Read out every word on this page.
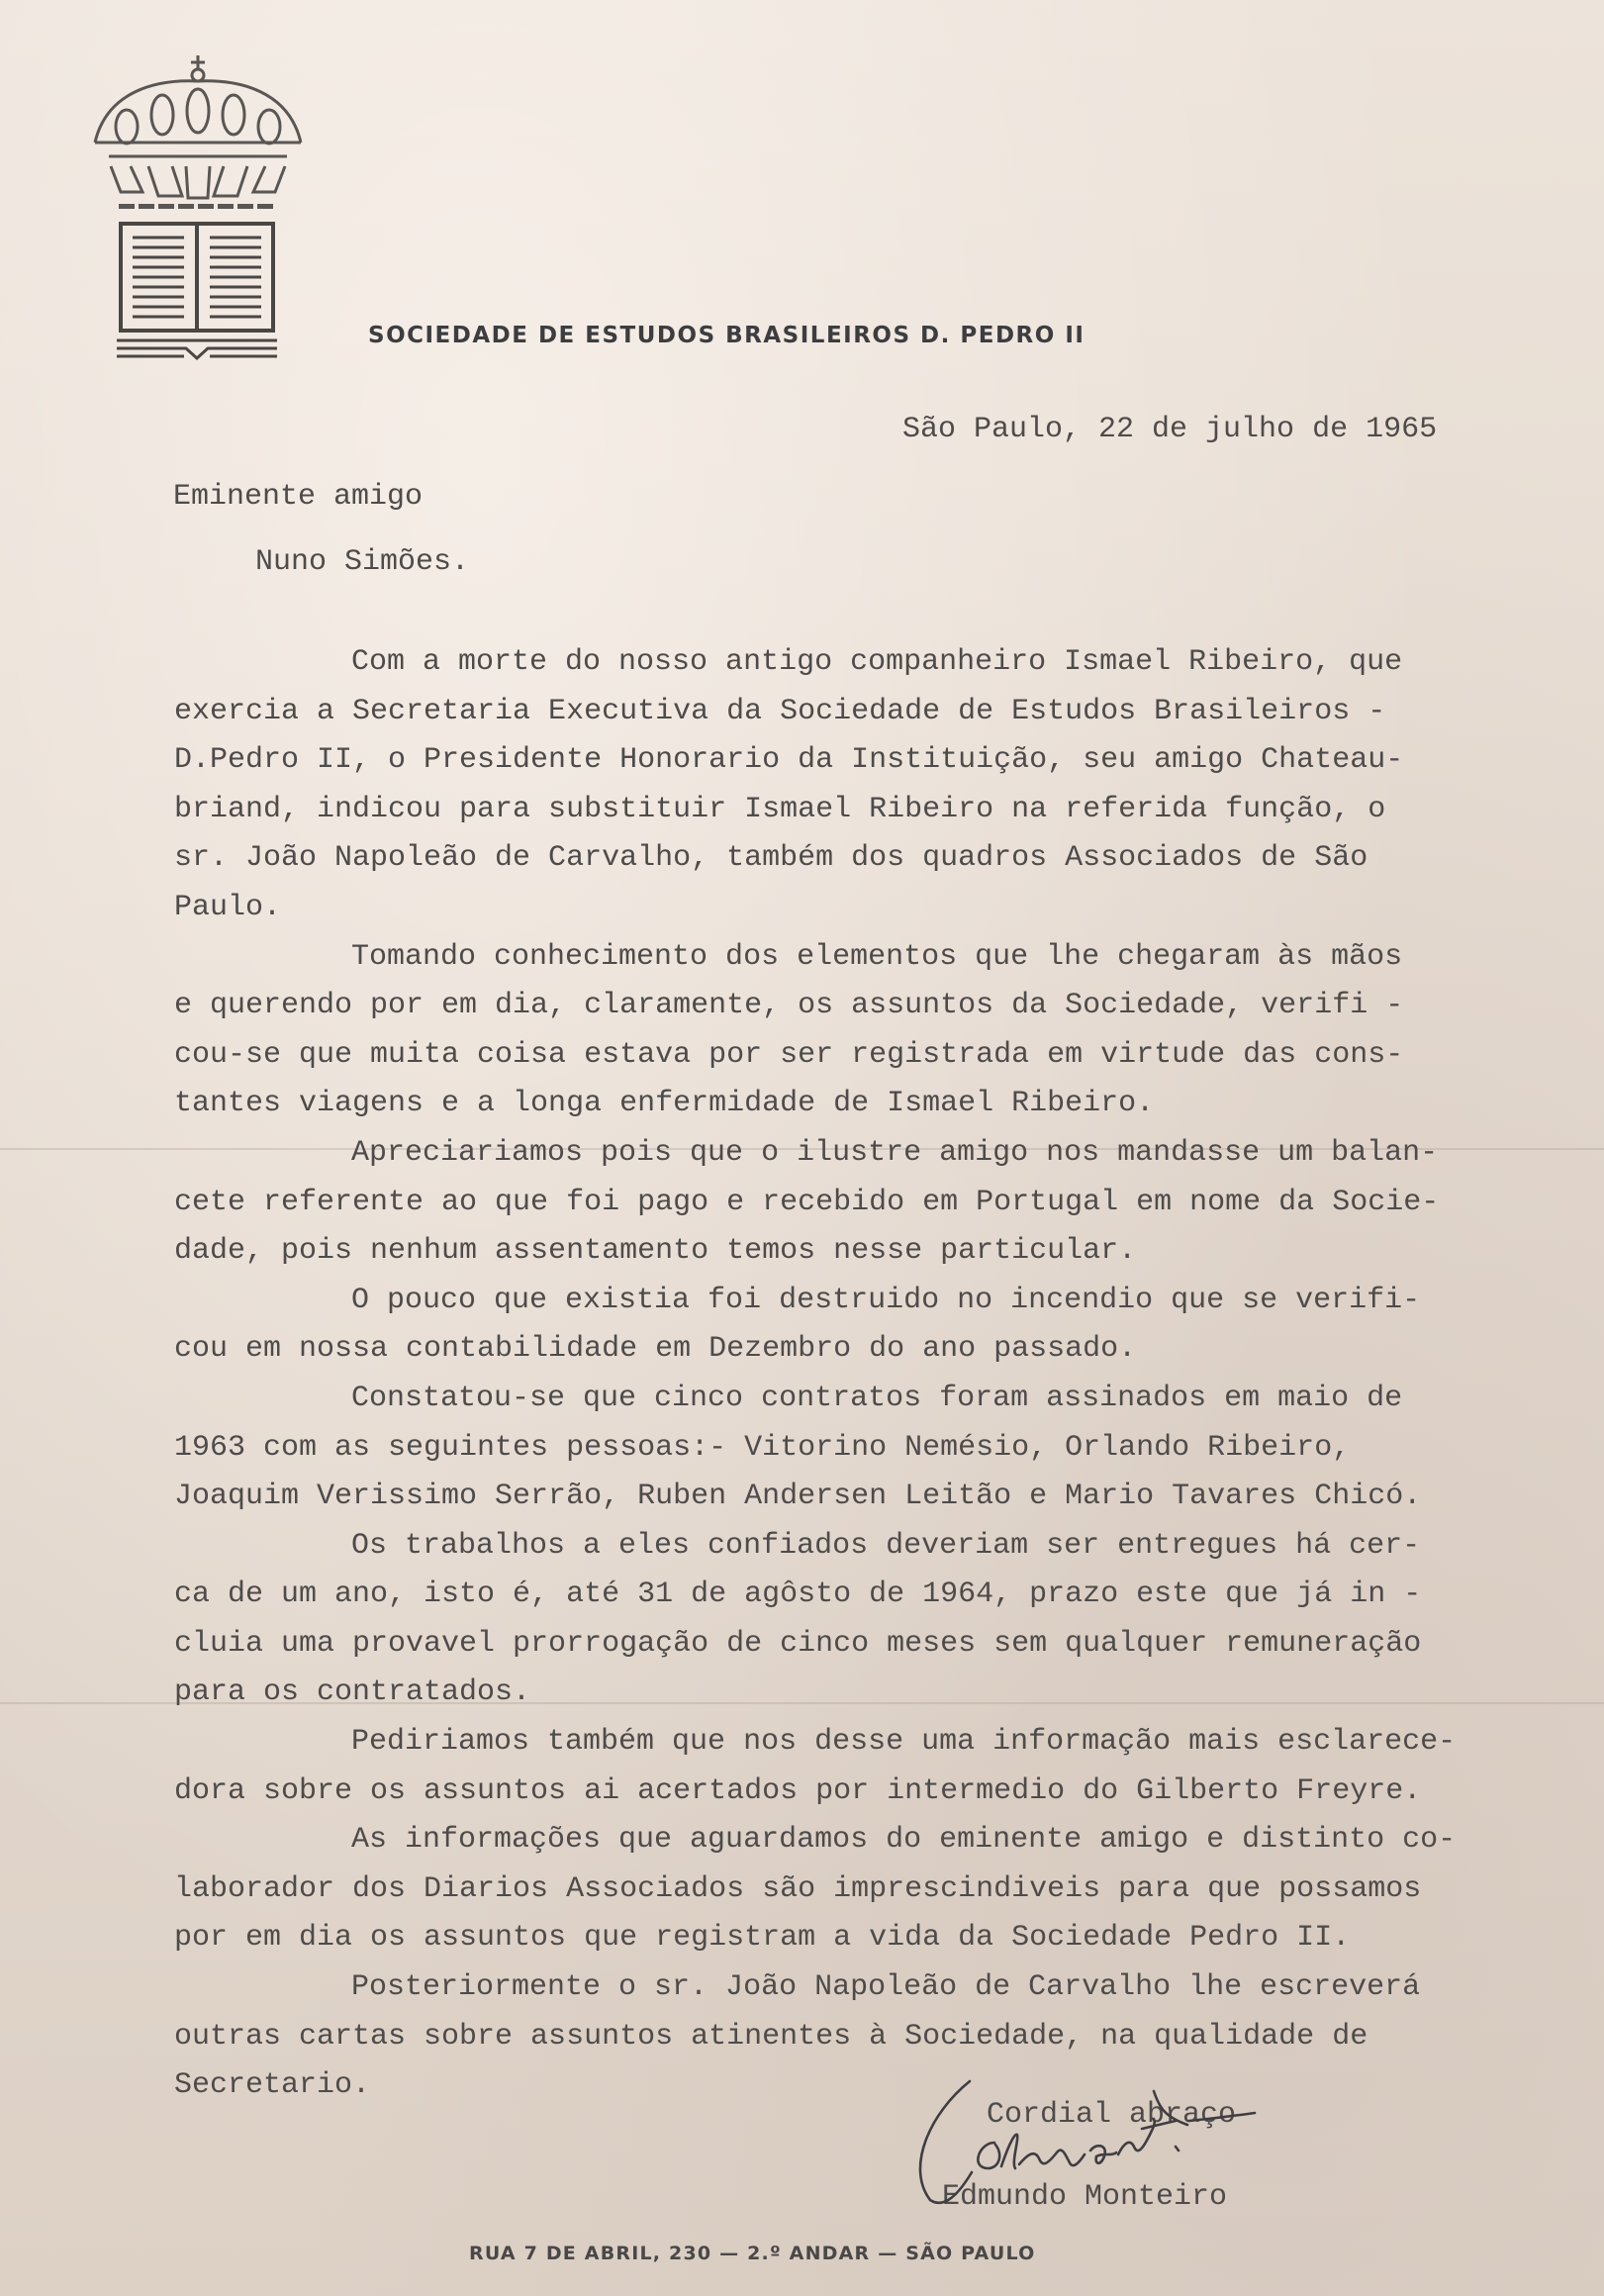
SOCIEDADE DE ESTUDOS BRASILEIROS D. PEDRO II
São Paulo, 22 de julho de 1965
Eminente amigo
Nuno Simões.
Com a morte do nosso antigo companheiro Ismael Ribeiro, que
exercia a Secretaria Executiva da Sociedade de Estudos Brasileiros -
D.Pedro II, o Presidente Honorario da Instituição, seu amigo Chateau-
briand, indicou para substituir Ismael Ribeiro na referida função, o
sr. João Napoleão de Carvalho, também dos quadros Associados de São
Paulo.
Tomando conhecimento dos elementos que lhe chegaram às mãos
e querendo por em dia, claramente, os assuntos da Sociedade, verifi -
cou-se que muita coisa estava por ser registrada em virtude das cons-
tantes viagens e a longa enfermidade de Ismael Ribeiro.
Apreciariamos pois que o ilustre amigo nos mandasse um balan-
cete referente ao que foi pago e recebido em Portugal em nome da Socie-
dade, pois nenhum assentamento temos nesse particular.
O pouco que existia foi destruido no incendio que se verifi-
cou em nossa contabilidade em Dezembro do ano passado.
Constatou-se que cinco contratos foram assinados em maio de
1963 com as seguintes pessoas:- Vitorino Nemésio, Orlando Ribeiro,
Joaquim Verissimo Serrão, Ruben Andersen Leitão e Mario Tavares Chicó.
Os trabalhos a eles confiados deveriam ser entregues há cer-
ca de um ano, isto é, até 31 de agôsto de 1964, prazo este que já in -
cluia uma provavel prorrogação de cinco meses sem qualquer remuneração
para os contratados.
Pediriamos também que nos desse uma informação mais esclarece-
dora sobre os assuntos ai acertados por intermedio do Gilberto Freyre.
As informações que aguardamos do eminente amigo e distinto co-
laborador dos Diarios Associados são imprescindiveis para que possamos
por em dia os assuntos que registram a vida da Sociedade Pedro II.
Posteriormente o sr. João Napoleão de Carvalho lhe escreverá
outras cartas sobre assuntos atinentes à Sociedade, na qualidade de
Secretario.
Cordial abraço
Edmundo Monteiro
RUA 7 DE ABRIL, 230 — 2.º ANDAR — SÃO PAULO
